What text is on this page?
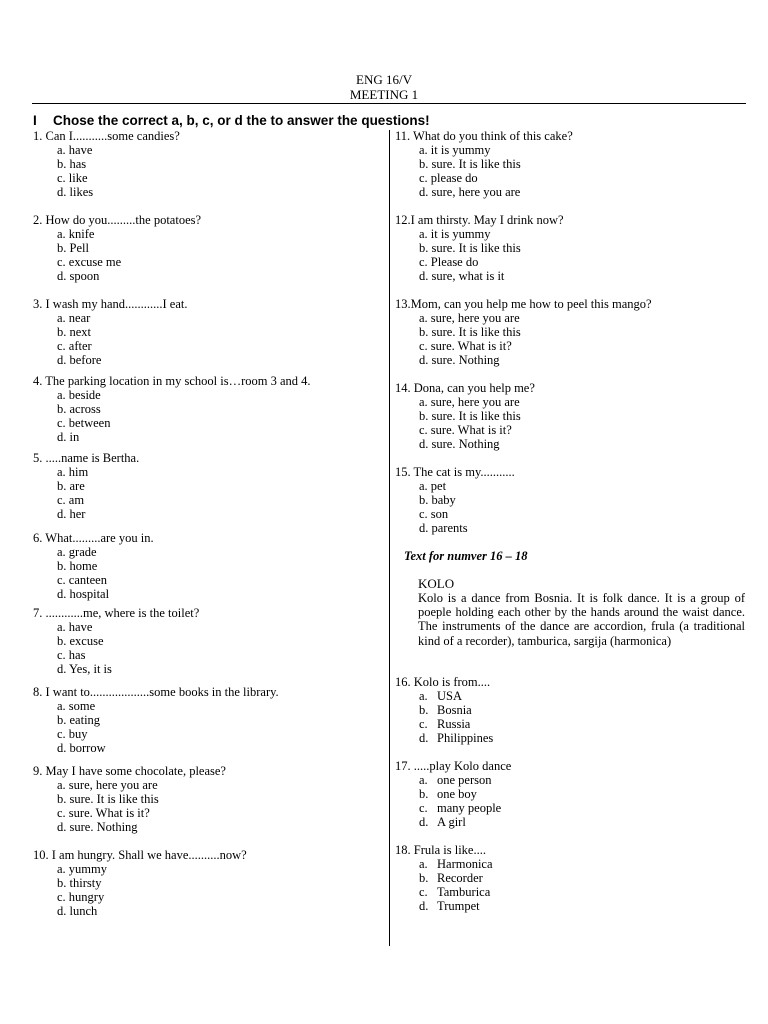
ENG 16/V
MEETING 1
I Chose the correct a, b, c, or d the to answer the questions!
1. Can I...........some candies?
a. have
b. has
c. like
d. likes
2. How do you.........the potatoes?
a. knife
b. Pell
c. excuse me
d. spoon
3. I wash my hand............I eat.
a. near
b. next
c. after
d. before
4. The parking location in my school is…room 3 and 4.
a. beside
b. across
c. between
d. in
5. .....name is Bertha.
a. him
b. are
c. am
d. her
6. What.........are you in.
a. grade
b. home
c. canteen
d. hospital
7. ............me, where is the toilet?
a. have
b. excuse
c. has
d. Yes, it is
8. I want to...................some books in the library.
a. some
b. eating
c. buy
d. borrow
9. May I have some chocolate, please?
a. sure, here you are
b. sure. It is like this
c. sure. What is it?
d. sure. Nothing
10. I am hungry. Shall we have..........now?
a. yummy
b. thirsty
c. hungry
d. lunch
11. What do you think of this cake?
a. it is yummy
b. sure. It is like this
c. please do
d. sure, here you are
12.I am thirsty. May I drink now?
a. it is yummy
b. sure. It is like this
c. Please do
d. sure, what is it
13.Mom, can you help me how to peel this mango?
a. sure, here you are
b. sure. It is like this
c. sure. What is it?
d. sure. Nothing
14. Dona, can you help me?
a. sure, here you are
b. sure. It is like this
c. sure. What is it?
d. sure. Nothing
15. The cat is my...........
a. pet
b. baby
c. son
d. parents
Text for numver 16 – 18
KOLO
Kolo is a dance from Bosnia. It is folk dance. It is a group of poeple holding each other by the hands around the waist dance. The instruments of the dance are accordion, frula (a traditional kind of a recorder), tamburica, sargija (harmonica)
16. Kolo is from....
a. USA
b. Bosnia
c. Russia
d. Philippines
17. .....play Kolo dance
a. one person
b. one boy
c. many people
d. A girl
18. Frula is like....
a. Harmonica
b. Recorder
c. Tamburica
d. Trumpet
